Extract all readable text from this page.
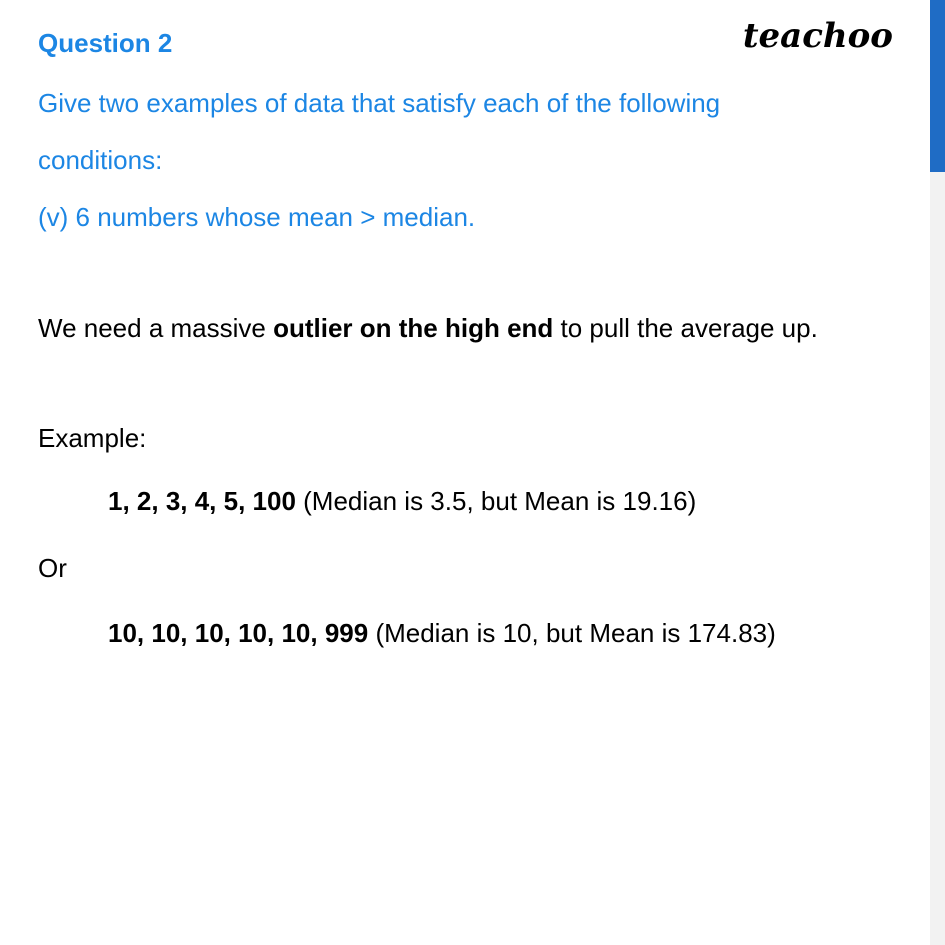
Question 2	teachoo
Give two examples of data that satisfy each of the following
conditions:
(v) 6 numbers whose mean > median.
We need a massive outlier on the high end to pull the average up.
Example:
1, 2, 3, 4, 5, 100 (Median is 3.5, but Mean is 19.16)
Or
10, 10, 10, 10, 10, 999 (Median is 10, but Mean is 174.83)
